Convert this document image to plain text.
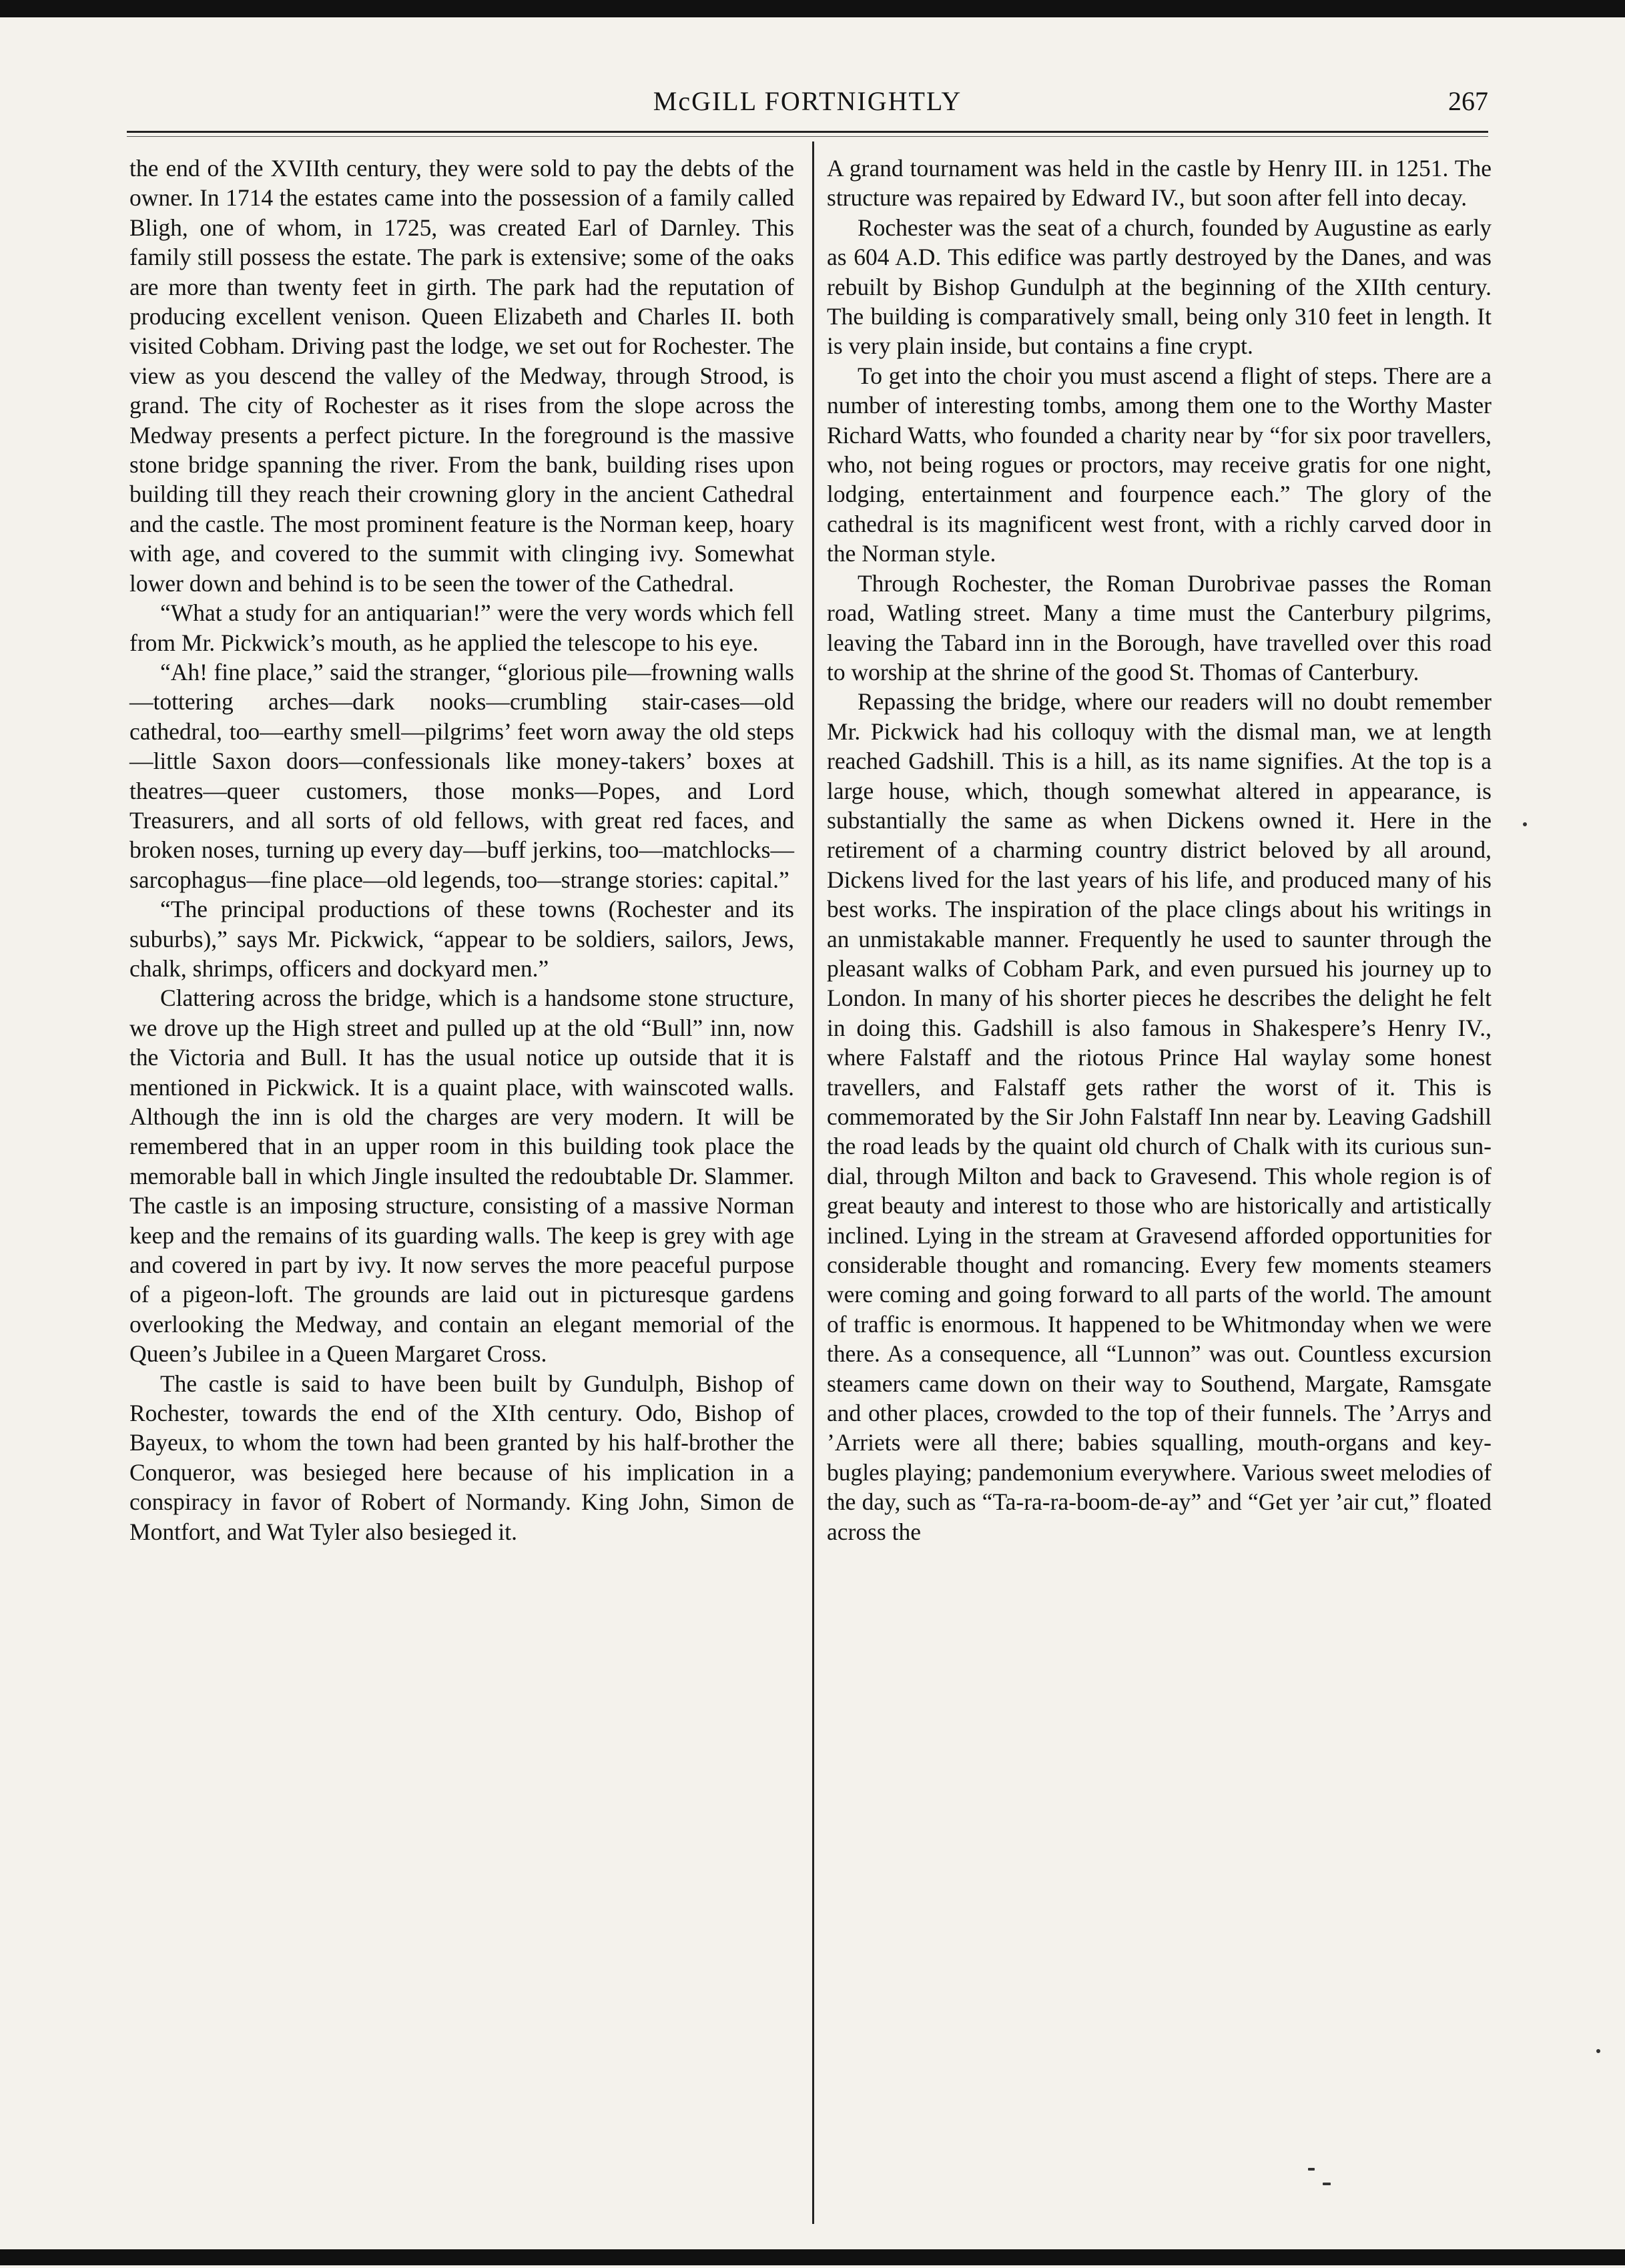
McGILL FORTNIGHTLY	267

the end of the XVIIth century, they were sold to pay the debts of the owner. In 1714 the estates came into the possession of a family called Bligh, one of whom, in 1725, was created Earl of Darnley. This family still possess the estate. The park is extensive; some of the oaks are more than twenty feet in girth. The park had the reputation of producing excellent venison. Queen Elizabeth and Charles II. both visited Cobham. Driving past the lodge, we set out for Rochester. The view as you descend the valley of the Medway, through Strood, is grand. The city of Rochester as it rises from the slope across the Medway presents a perfect picture. In the foreground is the massive stone bridge spanning the river. From the bank, building rises upon building till they reach their crowning glory in the ancient Cathedral and the castle. The most prominent feature is the Norman keep, hoary with age, and covered to the summit with clinging ivy. Somewhat lower down and behind is to be seen the tower of the Cathedral.

“What a study for an antiquarian!” were the very words which fell from Mr. Pickwick’s mouth, as he applied the telescope to his eye.

“Ah! fine place,” said the stranger, “glorious pile—frowning walls—tottering arches—dark nooks—crumbling stair-cases—old cathedral, too—earthy smell—pilgrims’ feet worn away the old steps—little Saxon doors—confessionals like money-takers’ boxes at theatres—queer customers, those monks—Popes, and Lord Treasurers, and all sorts of old fellows, with great red faces, and broken noses, turning up every day—buff jerkins, too—matchlocks—sarcophagus—fine place—old legends, too—strange stories: capital.”

“The principal productions of these towns (Rochester and its suburbs),” says Mr. Pickwick, “appear to be soldiers, sailors, Jews, chalk, shrimps, officers and dockyard men.”

Clattering across the bridge, which is a handsome stone structure, we drove up the High street and pulled up at the old “Bull” inn, now the Victoria and Bull. It has the usual notice up outside that it is mentioned in Pickwick. It is a quaint place, with wainscoted walls. Although the inn is old the charges are very modern. It will be remembered that in an upper room in this building took place the memorable ball in which Jingle insulted the redoubtable Dr. Slammer. The castle is an imposing structure, consisting of a massive Norman keep and the remains of its guarding walls. The keep is grey with age and covered in part by ivy. It now serves the more peaceful purpose of a pigeon-loft. The grounds are laid out in picturesque gardens overlooking the Medway, and contain an elegant memorial of the Queen’s Jubilee in a Queen Margaret Cross.

The castle is said to have been built by Gundulph, Bishop of Rochester, towards the end of the XIth century. Odo, Bishop of Bayeux, to whom the town had been granted by his half-brother the Conqueror, was besieged here because of his implication in a conspiracy in favor of Robert of Normandy. King John, Simon de Montfort, and Wat Tyler also besieged it.

A grand tournament was held in the castle by Henry III. in 1251. The structure was repaired by Edward IV., but soon after fell into decay.

Rochester was the seat of a church, founded by Augustine as early as 604 A.D. This edifice was partly destroyed by the Danes, and was rebuilt by Bishop Gundulph at the beginning of the XIIth century. The building is comparatively small, being only 310 feet in length. It is very plain inside, but contains a fine crypt.

To get into the choir you must ascend a flight of steps. There are a number of interesting tombs, among them one to the Worthy Master Richard Watts, who founded a charity near by “for six poor travellers, who, not being rogues or proctors, may receive gratis for one night, lodging, entertainment and fourpence each.” The glory of the cathedral is its magnificent west front, with a richly carved door in the Norman style.

Through Rochester, the Roman Durobrivae passes the Roman road, Watling street. Many a time must the Canterbury pilgrims, leaving the Tabard inn in the Borough, have travelled over this road to worship at the shrine of the good St. Thomas of Canterbury.

Repassing the bridge, where our readers will no doubt remember Mr. Pickwick had his colloquy with the dismal man, we at length reached Gadshill. This is a hill, as its name signifies. At the top is a large house, which, though somewhat altered in appearance, is substantially the same as when Dickens owned it. Here in the retirement of a charming country district beloved by all around, Dickens lived for the last years of his life, and produced many of his best works. The inspiration of the place clings about his writings in an unmistakable manner. Frequently he used to saunter through the pleasant walks of Cobham Park, and even pursued his journey up to London. In many of his shorter pieces he describes the delight he felt in doing this. Gadshill is also famous in Shakespere’s Henry IV., where Falstaff and the riotous Prince Hal waylay some honest travellers, and Falstaff gets rather the worst of it. This is commemorated by the Sir John Falstaff Inn near by. Leaving Gadshill the road leads by the quaint old church of Chalk with its curious sun-dial, through Milton and back to Gravesend. This whole region is of great beauty and interest to those who are historically and artistically inclined. Lying in the stream at Gravesend afforded opportunities for considerable thought and romancing. Every few moments steamers were coming and going forward to all parts of the world. The amount of traffic is enormous. It happened to be Whitmonday when we were there. As a consequence, all “Lunnon” was out. Countless excursion steamers came down on their way to Southend, Margate, Ramsgate and other places, crowded to the top of their funnels. The ’Arrys and ’Arriets were all there; babies squalling, mouth-organs and key-bugles playing; pandemonium everywhere. Various sweet melodies of the day, such as “Ta-ra-ra-boom-de-ay” and “Get yer ’air cut,” floated across the
